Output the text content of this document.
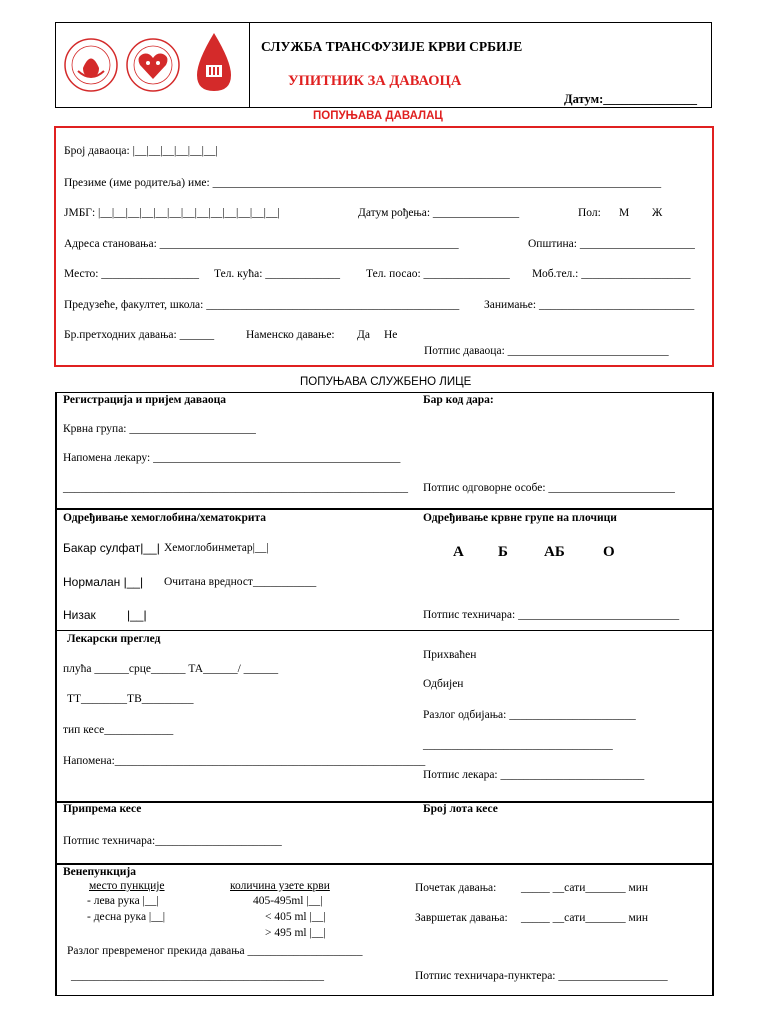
СЛУЖБА ТРАНСФУЗИЈЕ КРВИ СРБИЈЕ
УПИТНИК ЗА ДАВАОЦА
Датум:_______________
ПОПУЊАВА ДАВАЛАЦ
Број даваоца: |__|__|__|__|__|__|
Презиме (име родитеља) име: ______________________________________________________________________________
ЈМБГ: |__|__|__|__|__|__|__|__|__|__|__|__|__|	Датум рођења: _______________	Пол: М Ж
Адреса становања: ____________________________________________________	Општина: ____________________
Место: _________________ Тел. кућа: _____________ Тел. посао: _______________ Моб.тел.: ___________________
Предузеће, факултет, школа: ____________________________________________ Занимање: ___________________________
Бр.претходних давања: ______	Наменско давање: Да Не
Потпис даваоца: ____________________________
ПОПУЊАВА СЛУЖБЕНО ЛИЦЕ
Регистрација и пријем даваоца
Крвна група: ______________________
Напомена лекару: ___________________________________________
____________________________________________________________
Бар код дара:
Потпис одговорне особе: ______________________
Одређивање хемоглобина/хематокрита
Бакар сулфат|__| Хемоглобинметар|__|
Нормалан |__| Очитана вредност___________
Низак	|__|
Одређивање крвне групе на плочици
А Б АБ	О
Потпис техничара: ____________________________
Лекарски преглед
плућа ______срце______ ТА______/ ______
ТТ________ТВ_________
тип кесе____________
Напомена:______________________________________________________
Прихваћен
Одбијен
Разлог одбијања: ______________________
_________________________________
Потпис лекара: _________________________
Припрема кесе
Потпис техничара:______________________
Број лота кесе
Венепункција
место пункције
- лева рука |__|
- десна рука |__|
количина узете крви
405-495ml |__|
< 405 ml |__|
> 495 ml |__|
Разлог превременог прекида давања ____________________
____________________________________________
Почетак давања: _____ __сати_______ мин
Завршетак давања: _____ __сати_______ мин
Потпис техничара-пунктера: ___________________
